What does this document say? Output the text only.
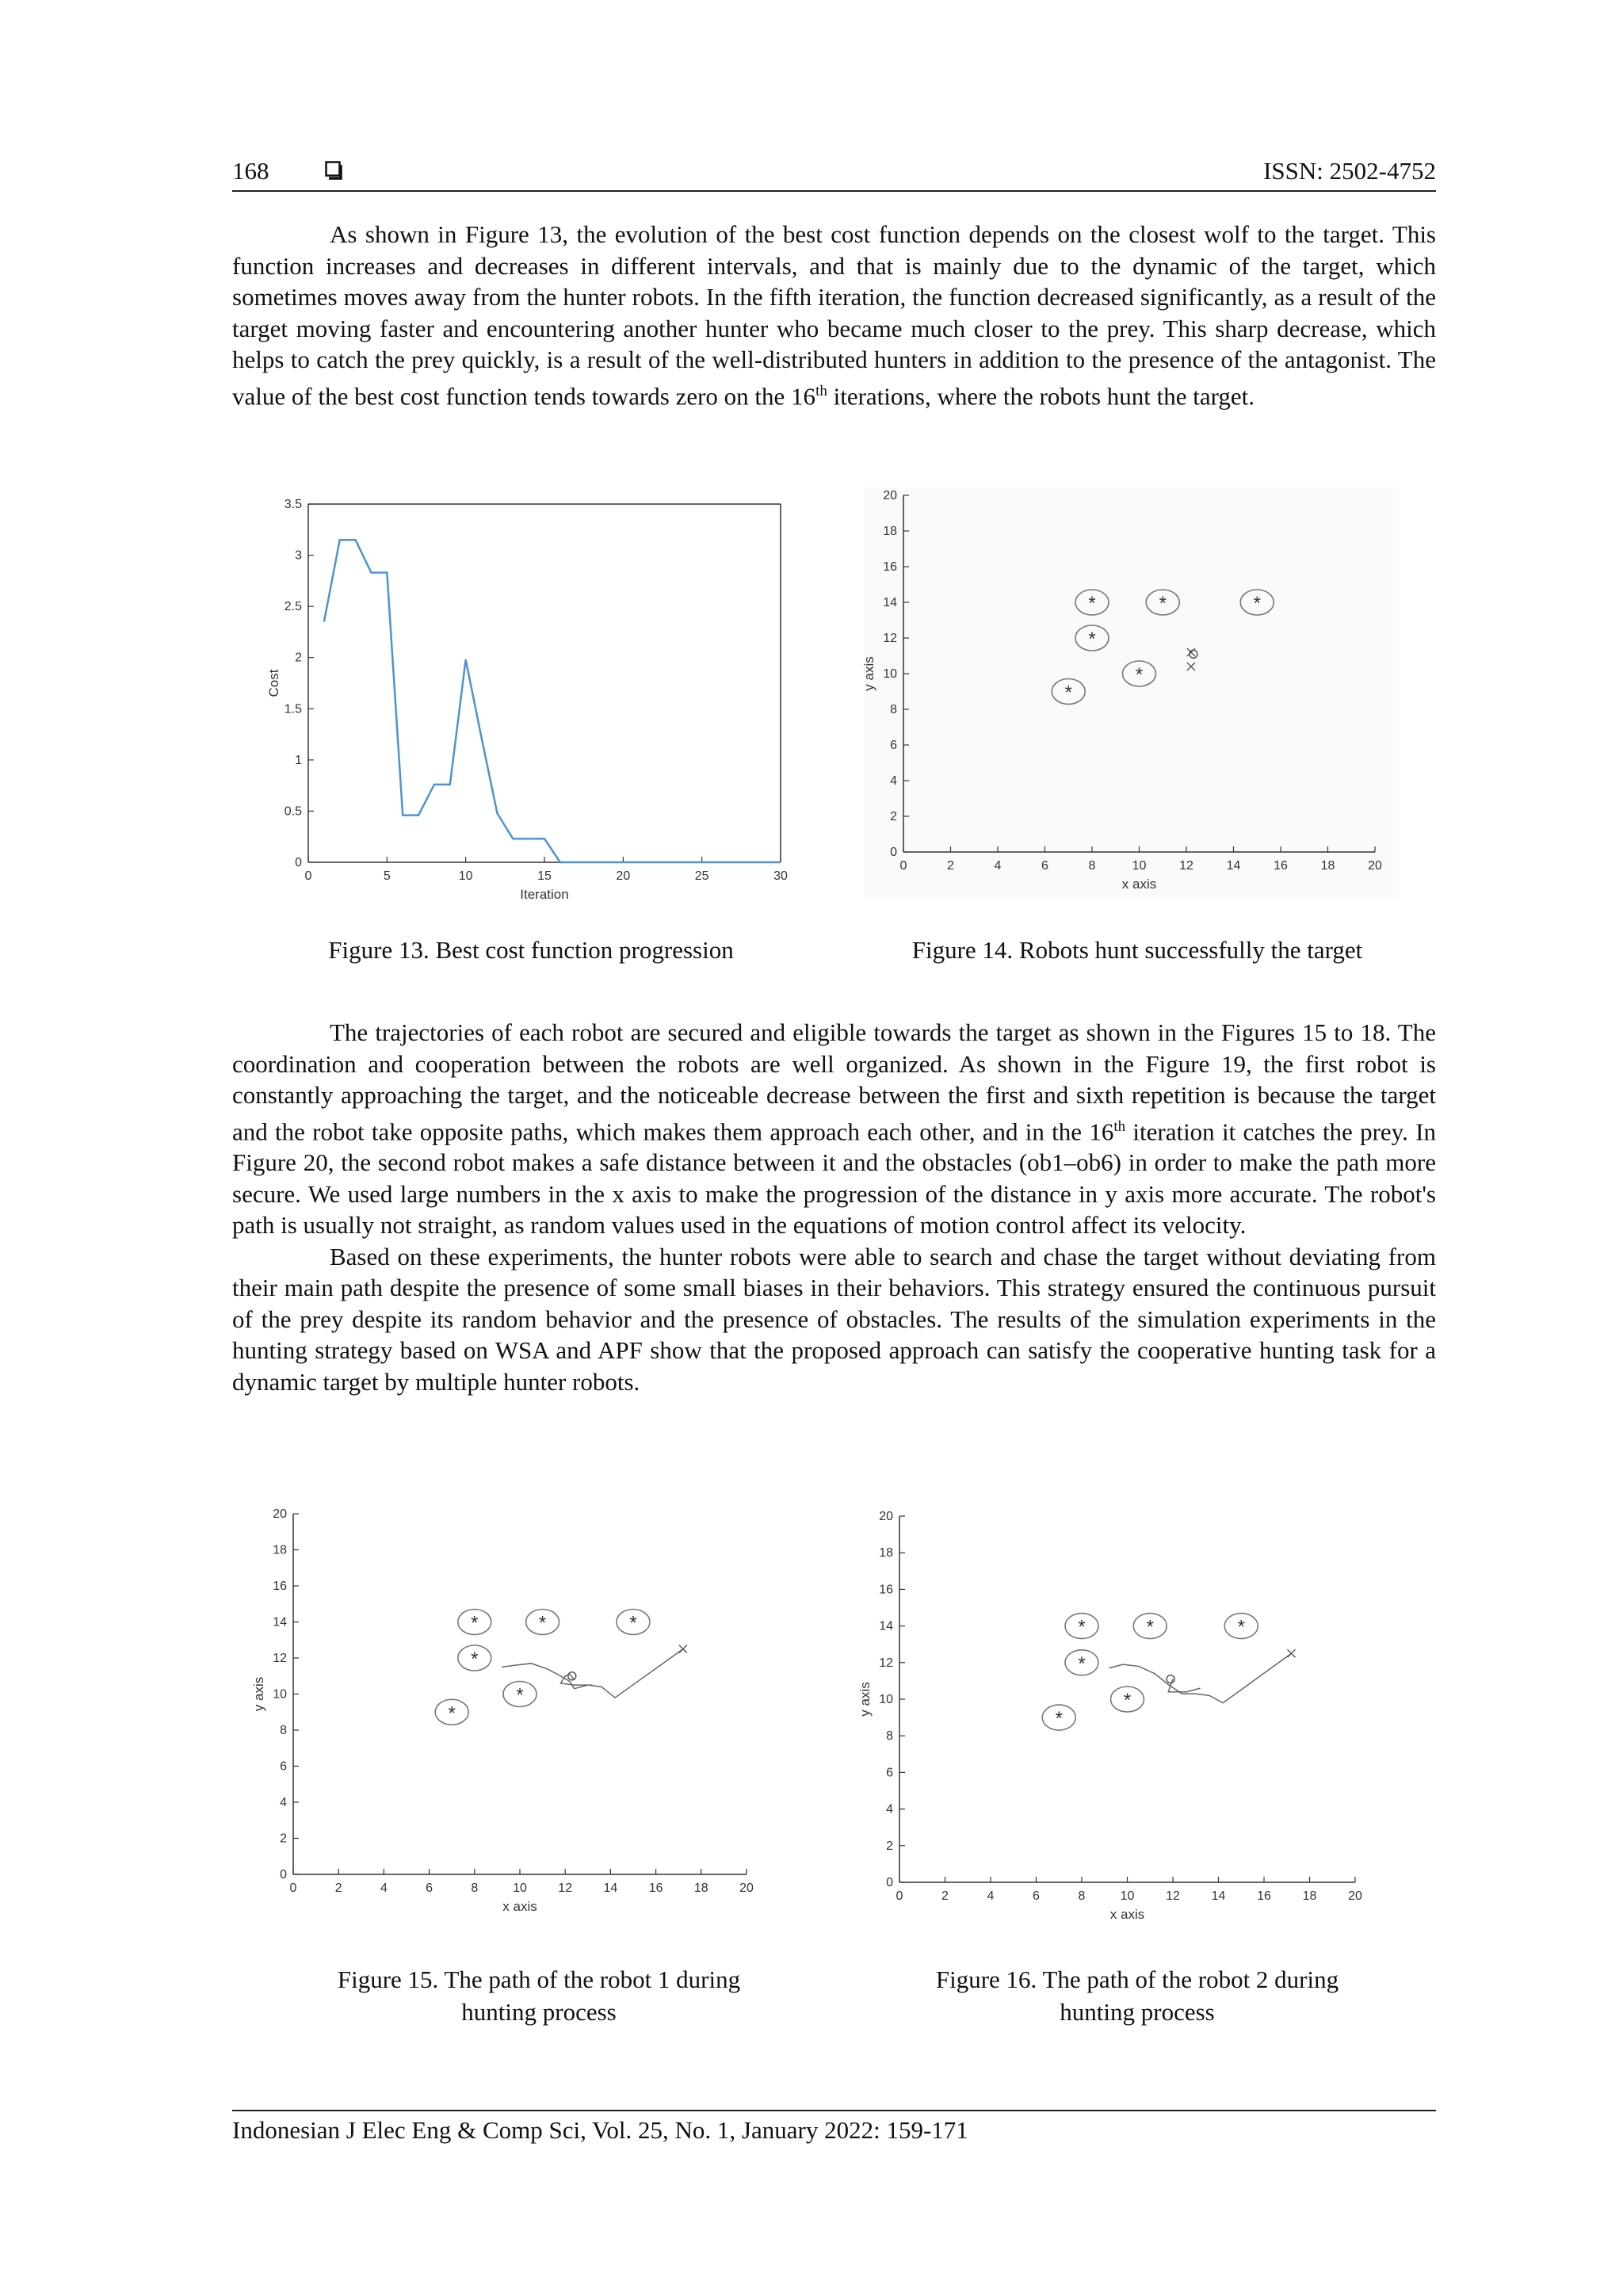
168	ISSN: 2502-4752

As shown in Figure 13, the evolution of the best cost function depends on the closest wolf to the target. This function increases and decreases in different intervals, and that is mainly due to the dynamic of the target, which sometimes moves away from the hunter robots. In the fifth iteration, the function decreased significantly, as a result of the target moving faster and encountering another hunter who became much closer to the prey. This sharp decrease, which helps to catch the prey quickly, is a result of the well-distributed hunters in addition to the presence of the antagonist. The value of the best cost function tends towards zero on the 16th iterations, where the robots hunt the target.

0	5	10	15	20	25	30
0
0.5
1
1.5
2
2.5
3
3.5
Iteration
Cost
Figure 13. Best cost function progression
0	2	4	6	8	10	12	14	16	18	20
0
2
4
6
8
10
12
14
16
18
20
x axis
y axis
*	*	*
*
*
*
Figure 14. Robots hunt successfully the target

The trajectories of each robot are secured and eligible towards the target as shown in the Figures 15 to 18. The coordination and cooperation between the robots are well organized. As shown in the Figure 19, the first robot is constantly approaching the target, and the noticeable decrease between the first and sixth repetition is because the target and the robot take opposite paths, which makes them approach each other, and in the 16th iteration it catches the prey. In Figure 20, the second robot makes a safe distance between it and the obstacles (ob1–ob6) in order to make the path more secure. We used large numbers in the x axis to make the progression of the distance in y axis more accurate. The robot's path is usually not straight, as random values used in the equations of motion control affect its velocity.

Based on these experiments, the hunter robots were able to search and chase the target without deviating from their main path despite the presence of some small biases in their behaviors. This strategy ensured the continuous pursuit of the prey despite its random behavior and the presence of obstacles. The results of the simulation experiments in the hunting strategy based on WSA and APF show that the proposed approach can satisfy the cooperative hunting task for a dynamic target by multiple hunter robots.

0	2	4	6	8	10 12 14 16 18 20
0
2
4
6
8
10
12
14
16
18
20
x axis
y axis
*	*	*
*
*
*
Figure 15. The path of the robot 1 during
hunting process
0	2	4	6	8	10 12 14 16 18 20
0
2
4
6
8
10
12
14
16
18
20
x axis
y axis
*	*	*
*
*
*
Figure 16. The path of the robot 2 during
hunting process
Indonesian J Elec Eng & Comp Sci, Vol. 25, No. 1, January 2022: 159-171
